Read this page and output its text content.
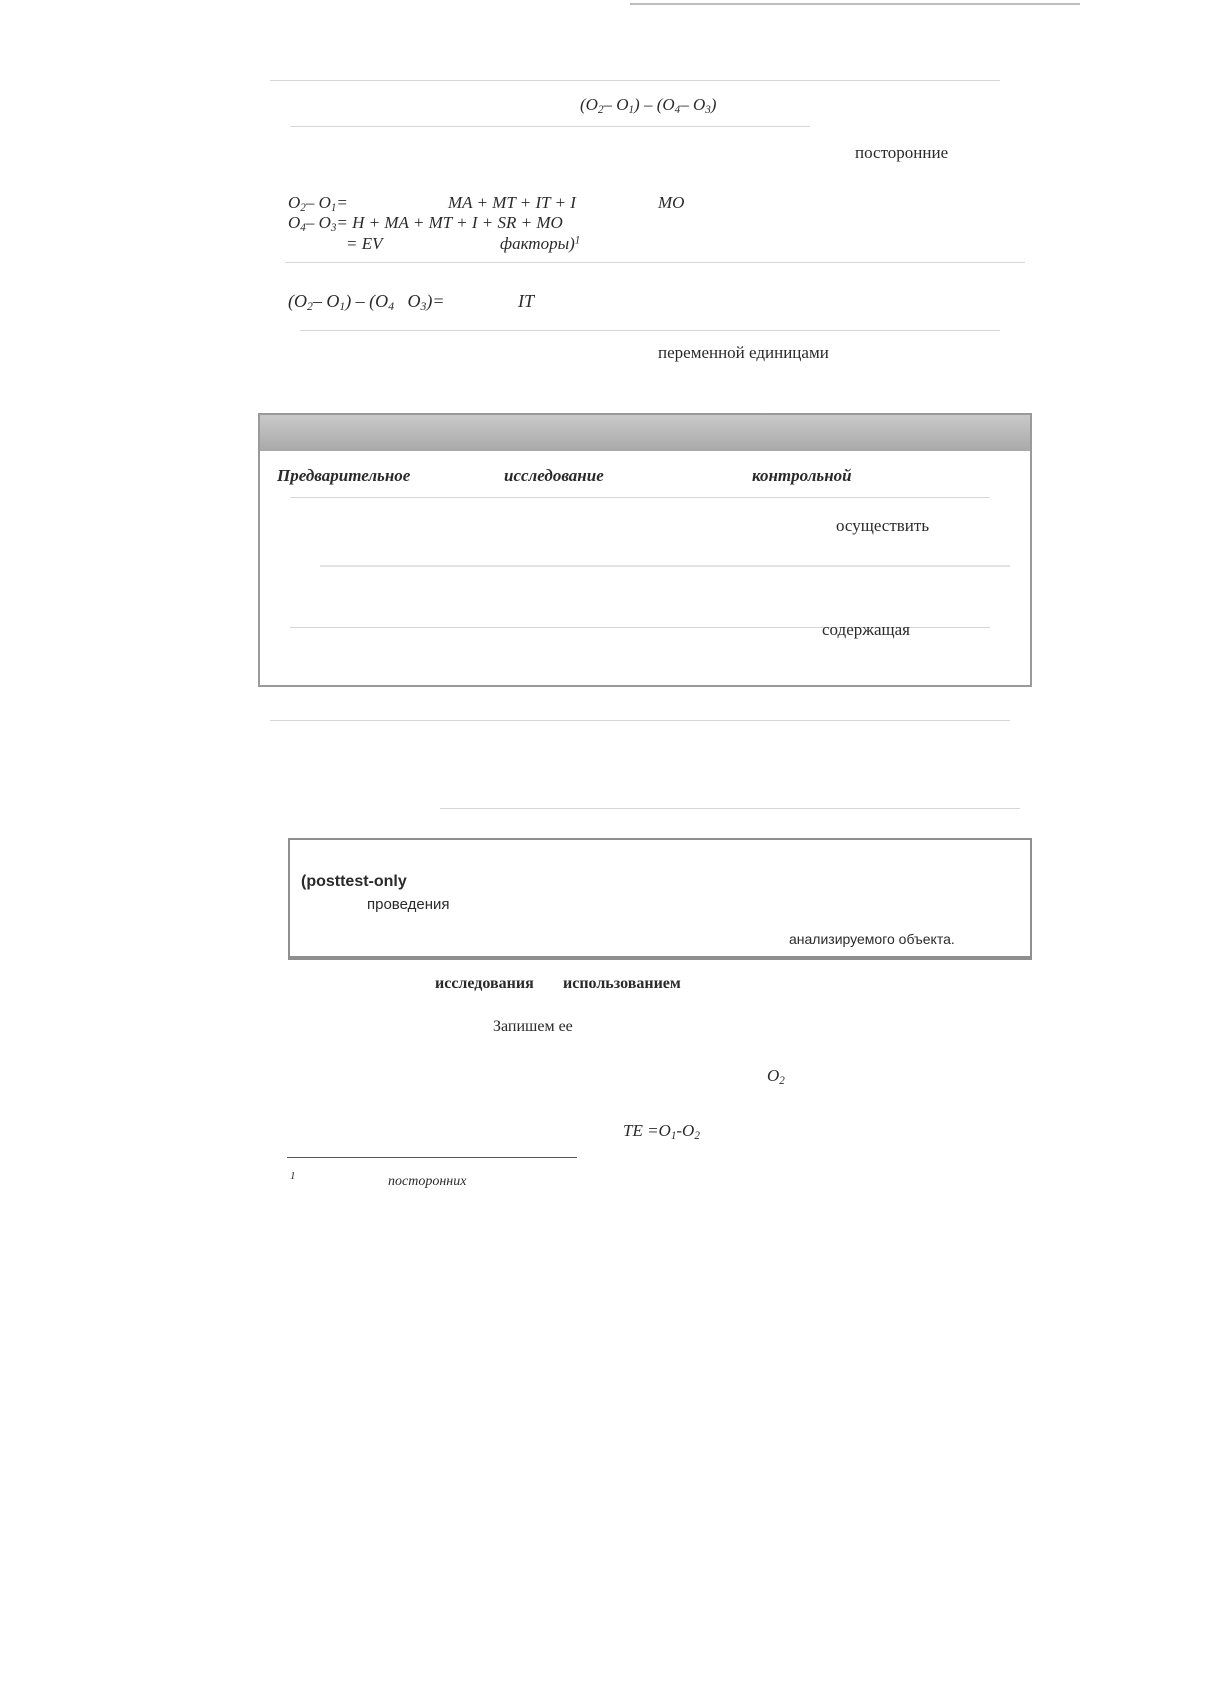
($O_2-$ $O_1) - (O_4-$ $O_3$)
посторонние
$O_2-$ $O_1=$	MA + MT + IT + I	MO
$O_4-$ $O_3= H$ + MA + MT + I + SR + MO
= EV	факторы)$^1$
($O_2-$ $O_1) - (O_4$ $O_3)=$	IT
переменной единицами
Предварительное	исследование	контрольной
осуществить
содержащая
(posttest-only
проведения
анализируемого объекта.
исследования использованием
Запишем ее
$O_2$
TE $=O_1-O_2$
1	посторонних
